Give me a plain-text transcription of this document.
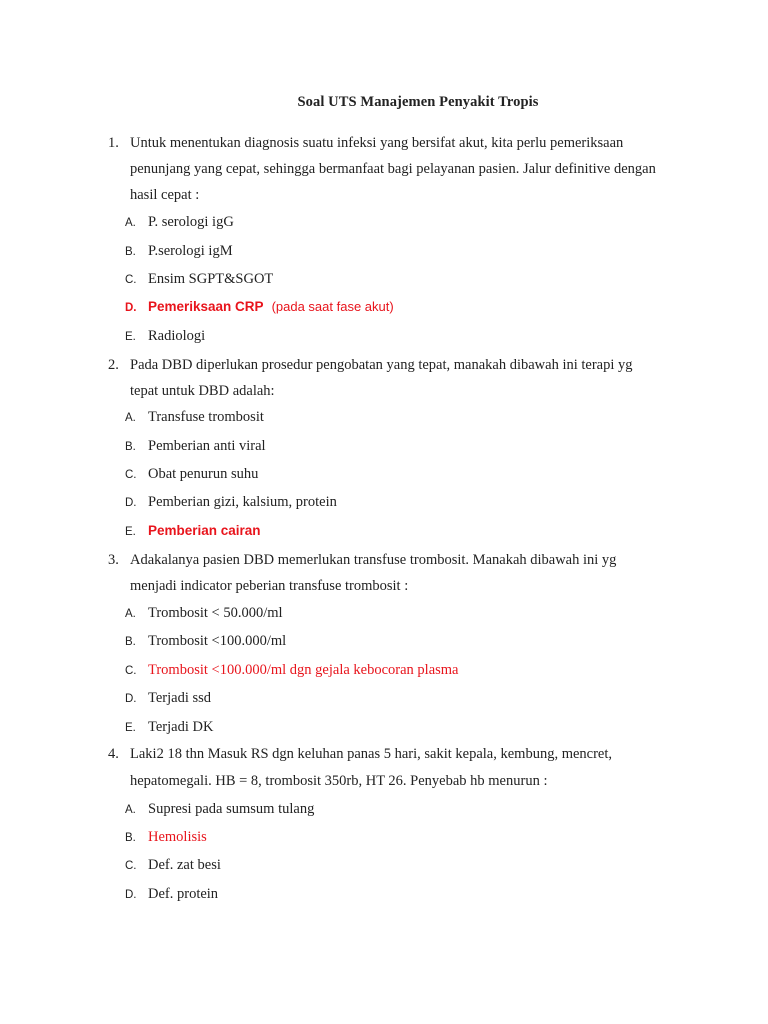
Soal UTS Manajemen Penyakit Tropis
1. Untuk menentukan diagnosis suatu infeksi yang bersifat akut, kita perlu pemeriksaan
penunjang yang cepat, sehingga bermanfaat bagi pelayanan pasien. Jalur definitive dengan
hasil cepat :
A. P. serologi igG
B. P.serologi igM
C. Ensim SGPT&SGOT
D. Pemeriksaan CRP (pada saat fase akut)
E. Radiologi
2. Pada DBD diperlukan prosedur pengobatan yang tepat, manakah dibawah ini terapi yg
tepat untuk DBD adalah:
A. Transfuse trombosit
B. Pemberian anti viral
C. Obat penurun suhu
D. Pemberian gizi, kalsium, protein
E. Pemberian cairan
3. Adakalanya pasien DBD memerlukan transfuse trombosit. Manakah dibawah ini yg
menjadi indicator peberian transfuse trombosit :
A. Trombosit < 50.000/ml
B. Trombosit <100.000/ml
C. Trombosit <100.000/ml dgn gejala kebocoran plasma
D. Terjadi ssd
E. Terjadi DK
4. Laki2 18 thn Masuk RS dgn keluhan panas 5 hari, sakit kepala, kembung, mencret,
hepatomegali. HB = 8, trombosit 350rb, HT 26. Penyebab hb menurun :
A. Supresi pada sumsum tulang
B. Hemolisis
C. Def. zat besi
D. Def. protein
